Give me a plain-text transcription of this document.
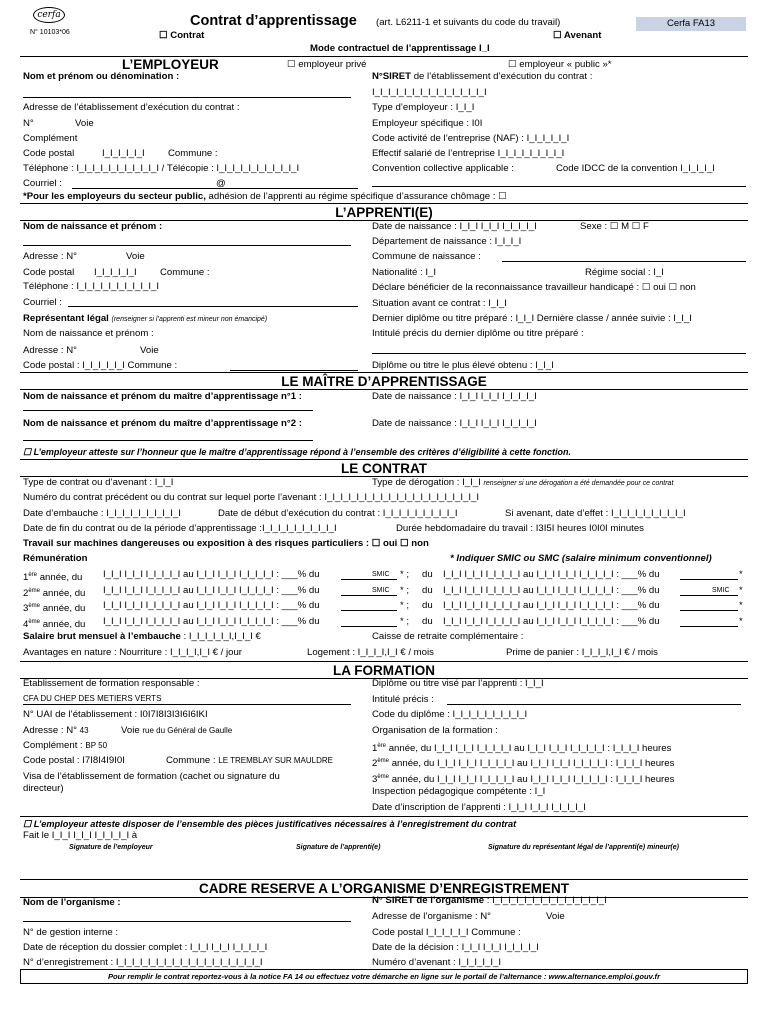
cerfa
N° 10103*06
Contrat d’apprentissage (art. L6211-1 et suivants du code du travail)	Cerfa FA13
☐ Contrat	☐ Avenant
Mode contractuel de l’apprentissage I_I
L’EMPLOYEUR	☐ employeur privé	☐ employeur « public »*
Nom et prénom ou dénomination :
Adresse de l’établissement d’exécution du contrat :
N°	Voie
Complément
Code postal	I_I_I_I_I_I Commune :
Téléphone : I_I_I_I_I_I_I_I_I_I_I / Télécopie : I_I_I_I_I_I_I_I_I_I_I
Courriel :	@
N°SIRET de l’établissement d’exécution du contrat :
I_I_I_I_I_I_I_I_I_I_I_I_I_I_I
Type d’employeur : I_I_I
Employeur spécifique : I0I
Code activité de l’entreprise (NAF) : I_I_I_I_I_I
Effectif salarié de l’entreprise I_I_I_I_I_I_I_I_I
Convention collective applicable :	Code IDCC de la convention I_I_I_I_I
*Pour les employeurs du secteur public, adhésion de l’apprenti au régime spécifique d’assurance chômage : ☐
L’APPRENTI(E)
Nom de naissance et prénom :
Adresse : N°	Voie
Code postal I_I_I_I_I_I Commune :
Téléphone : I_I_I_I_I_I_I_I_I_I_I
Courriel :
Représentant légal (renseigner si l’apprenti est mineur non émancipé)
Nom de naissance et prénom :
Adresse : N°	Voie
Code postal : I_I_I_I_I_I Commune :
Date de naissance : I_I_I I_I_I I_I_I_I_I	Sexe : ☐ M ☐ F
Département de naissance : I_I_I_I
Commune de naissance :
Nationalité : I_I	Régime social : I_I
Déclare bénéficier de la reconnaissance travailleur handicapé : ☐ oui ☐ non
Situation avant ce contrat : I_I_I
Dernier diplôme ou titre préparé : I_I_I Dernière classe / année suivie : I_I_I
Intitulé précis du dernier diplôme ou titre préparé :
Diplôme ou titre le plus élevé obtenu : I_I_I
LE MAÎTRE D’APPRENTISSAGE
Nom de naissance et prénom du maître d’apprentissage n°1 :
Nom de naissance et prénom du maître d’apprentissage n°2 :
Date de naissance : I_I_I I_I_I I_I_I_I_I
Date de naissance : I_I_I I_I_I I_I_I_I_I
☐ L’employeur atteste sur l’honneur que le maître d’apprentissage répond à l’ensemble des critères d’éligibilité à cette fonction.
LE CONTRAT
Type de contrat ou d’avenant : I_I_I	Type de dérogation : I_I_I renseigner si une dérogation a été demandée pour ce contrat
Numéro du contrat précédent ou du contrat sur lequel porte l’avenant : I_I_I_I_I_I_I_I_I_I_I_I_I_I_I_I_I_I_I_I
Date d’embauche : I_I_I_I_I_I_I_I_I_I	Date de début d’exécution du contrat : I_I_I_I_I_I_I_I_I_I	Si avenant, date d’effet : I_I_I_I_I_I_I_I_I_I
Date de fin du contrat ou de la période d’apprentissage :I_I_I_I_I_I_I_I_I_I	Durée hebdomadaire du travail : I3I5I heures I0I0I minutes
Travail sur machines dangereuses ou exposition à des risques particuliers : ☐ oui ☐ non
Rémunération	* Indiquer SMIC ou SMC (salaire minimum conventionnel)
1ère année, du I_I_I I_I_I I_I_I_I_I au I_I_I I_I_I I_I_I_I_I : ___% du	SMIC * ; du I_I_I I_I_I I_I_I_I_I au I_I_I I_I_I I_I_I_I_I : ___% du	*
2ème année, du I_I_I I_I_I I_I_I_I_I au I_I_I I_I_I I_I_I_I_I : ___% du	SMIC * ; du I_I_I I_I_I I_I_I_I_I au I_I_I I_I_I I_I_I_I_I : ___% du	SMIC *
3ème année, du I_I_I I_I_I I_I_I_I_I au I_I_I I_I_I I_I_I_I_I : ___% du	* ; du I_I_I I_I_I I_I_I_I_I au I_I_I I_I_I I_I_I_I_I : ___% du	*
4ème année, du I_I_I I_I_I I_I_I_I_I au I_I_I I_I_I I_I_I_I_I : ___% du	* ; du I_I_I I_I_I I_I_I_I_I au I_I_I I_I_I I_I_I_I_I : ___% du	*
Salaire brut mensuel à l’embauche : I_I_I_I_I_I,I_I_I €	Caisse de retraite complémentaire :
Avantages en nature : Nourriture : I_I_I_I,I_I € / jour	Logement : I_I_I_I,I_I € / mois	Prime de panier : I_I_I_I,I_I € / mois
LA FORMATION
Etablissement de formation responsable :
CFA DU CHEP DES METIERS VERTS
N° UAI de l’établissement : I0I7I8I3I3I6I6IKI
Adresse : N° 43	Voie rue du Général de Gaulle
Complément : BP 50
Code postal : I7I8I4I9I0I	Commune : LE TREMBLAY SUR MAULDRE
Visa de l’établissement de formation (cachet ou signature du
directeur)
Diplôme ou titre visé par l’apprenti : I_I_I
Intitulé précis :
Code du diplôme : I_I_I_I_I_I_I_I_I_I
Organisation de la formation :
1ère année, du I_I_I I_I_I I_I_I_I_I au I_I_I I_I_I I_I_I_I_I : I_I_I_I heures
2ème année, du I_I_I I_I_I I_I_I_I_I au I_I_I I_I_I I_I_I_I_I : I_I_I_I heures
3ème année, du I_I_I I_I_I I_I_I_I_I au I_I_I I_I_I I_I_I_I_I : I_I_I_I heures
Inspection pédagogique compétente : I_I
Date d’inscription de l’apprenti : I_I_I I_I_I I_I_I_I_I
☐ L’employeur atteste disposer de l’ensemble des pièces justificatives nécessaires à l’enregistrement du contrat
Fait le I_I_I I_I_I I_I_I_I_I à
Signature de l’employeur	Signature de l’apprenti(e)	Signature du représentant légal de l’apprenti(e) mineur(e)
CADRE RESERVE A L’ORGANISME D’ENREGISTREMENT
Nom de l’organisme :
N° de gestion interne :
Date de réception du dossier complet : I_I_I I_I_I I_I_I_I_I
N° d’enregistrement : I_I_I_I_I_I_I_I_I_I_I_I_I_I_I_I_I_I_I
N° SIRET de l’organisme : I_I_I_I_I_I_I_I_I_I_I_I_I_I_I
Adresse de l’organisme : N°	Voie
Code postal I_I_I_I_I_I Commune :
Date de la décision : I_I_I I_I_I I_I_I_I_I
Numéro d’avenant : I_I_I_I_I_I
Pour remplir le contrat reportez-vous à la notice FA 14 ou effectuez votre démarche en ligne sur le portail de l’alternance : www.alternance.emploi.gouv.fr
